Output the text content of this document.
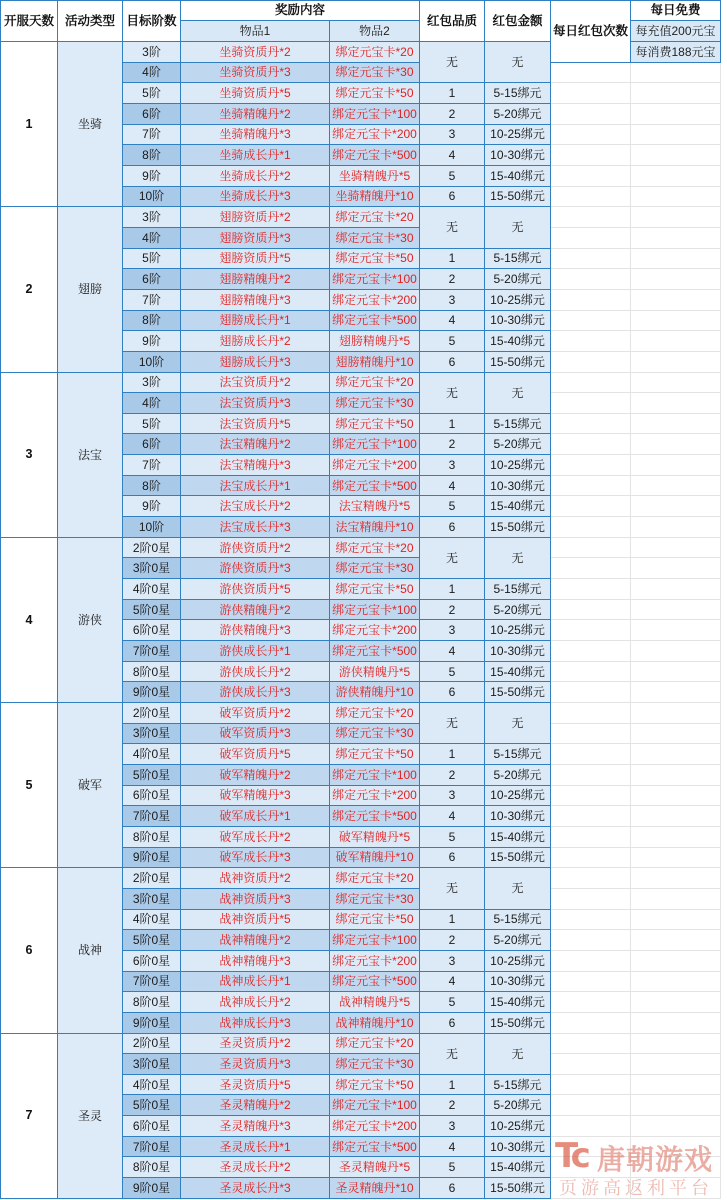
开服天数	活动类型	目标阶数	奖励内容		红包品质	红包金额	每日红包次数	每日免费
			物品1	物品2				每充值200元宝
1	坐骑	3阶	坐骑资质丹*2	绑定元宝卡*20	无	无		每消费188元宝
		4阶	坐骑资质丹*3	绑定元宝卡*30				
		5阶	坐骑资质丹*5	绑定元宝卡*50	1	5-15绑元		
		6阶	坐骑精魄丹*2	绑定元宝卡*100	2	5-20绑元		
		7阶	坐骑精魄丹*3	绑定元宝卡*200	3	10-25绑元		
		8阶	坐骑成长丹*1	绑定元宝卡*500	4	10-30绑元		
		9阶	坐骑成长丹*2	坐骑精魄丹*5	5	15-40绑元		
		10阶	坐骑成长丹*3	坐骑精魄丹*10	6	15-50绑元		
2	翅膀	3阶	翅膀资质丹*2	绑定元宝卡*20	无	无		
		4阶	翅膀资质丹*3	绑定元宝卡*30				
		5阶	翅膀资质丹*5	绑定元宝卡*50	1	5-15绑元		
		6阶	翅膀精魄丹*2	绑定元宝卡*100	2	5-20绑元		
		7阶	翅膀精魄丹*3	绑定元宝卡*200	3	10-25绑元		
		8阶	翅膀成长丹*1	绑定元宝卡*500	4	10-30绑元		
		9阶	翅膀成长丹*2	翅膀精魄丹*5	5	15-40绑元		
		10阶	翅膀成长丹*3	翅膀精魄丹*10	6	15-50绑元		
3	法宝	3阶	法宝资质丹*2	绑定元宝卡*20	无	无		
		4阶	法宝资质丹*3	绑定元宝卡*30				
		5阶	法宝资质丹*5	绑定元宝卡*50	1	5-15绑元		
		6阶	法宝精魄丹*2	绑定元宝卡*100	2	5-20绑元		
		7阶	法宝精魄丹*3	绑定元宝卡*200	3	10-25绑元		
		8阶	法宝成长丹*1	绑定元宝卡*500	4	10-30绑元		
		9阶	法宝成长丹*2	法宝精魄丹*5	5	15-40绑元		
		10阶	法宝成长丹*3	法宝精魄丹*10	6	15-50绑元		
4	游侠	2阶0星	游侠资质丹*2	绑定元宝卡*20	无	无		
		3阶0星	游侠资质丹*3	绑定元宝卡*30				
		4阶0星	游侠资质丹*5	绑定元宝卡*50	1	5-15绑元		
		5阶0星	游侠精魄丹*2	绑定元宝卡*100	2	5-20绑元		
		6阶0星	游侠精魄丹*3	绑定元宝卡*200	3	10-25绑元		
		7阶0星	游侠成长丹*1	绑定元宝卡*500	4	10-30绑元		
		8阶0星	游侠成长丹*2	游侠精魄丹*5	5	15-40绑元		
		9阶0星	游侠成长丹*3	游侠精魄丹*10	6	15-50绑元		
5	破军	2阶0星	破军资质丹*2	绑定元宝卡*20	无	无		
		3阶0星	破军资质丹*3	绑定元宝卡*30				
		4阶0星	破军资质丹*5	绑定元宝卡*50	1	5-15绑元		
		5阶0星	破军精魄丹*2	绑定元宝卡*100	2	5-20绑元		
		6阶0星	破军精魄丹*3	绑定元宝卡*200	3	10-25绑元		
		7阶0星	破军成长丹*1	绑定元宝卡*500	4	10-30绑元		
		8阶0星	破军成长丹*2	破军精魄丹*5	5	15-40绑元		
		9阶0星	破军成长丹*3	破军精魄丹*10	6	15-50绑元		
6	战神	2阶0星	战神资质丹*2	绑定元宝卡*20	无	无		
		3阶0星	战神资质丹*3	绑定元宝卡*30				
		4阶0星	战神资质丹*5	绑定元宝卡*50	1	5-15绑元		
		5阶0星	战神精魄丹*2	绑定元宝卡*100	2	5-20绑元		
		6阶0星	战神精魄丹*3	绑定元宝卡*200	3	10-25绑元		
		7阶0星	战神成长丹*1	绑定元宝卡*500	4	10-30绑元		
		8阶0星	战神成长丹*2	战神精魄丹*5	5	15-40绑元		
		9阶0星	战神成长丹*3	战神精魄丹*10	6	15-50绑元		
7	圣灵	2阶0星	圣灵资质丹*2	绑定元宝卡*20	无	无		
		3阶0星	圣灵资质丹*3	绑定元宝卡*30				
		4阶0星	圣灵资质丹*5	绑定元宝卡*50	1	5-15绑元		
		5阶0星	圣灵精魄丹*2	绑定元宝卡*100	2	5-20绑元		
		6阶0星	圣灵精魄丹*3	绑定元宝卡*200	3	10-25绑元		
		7阶0星	圣灵成长丹*1	绑定元宝卡*500	4	10-30绑元		
		8阶0星	圣灵成长丹*2	圣灵精魄丹*5	5	15-40绑元		
		9阶0星	圣灵成长丹*3	圣灵精魄丹*10	6	15-50绑元		
Tc 唐朝游戏
页游高返利平台
